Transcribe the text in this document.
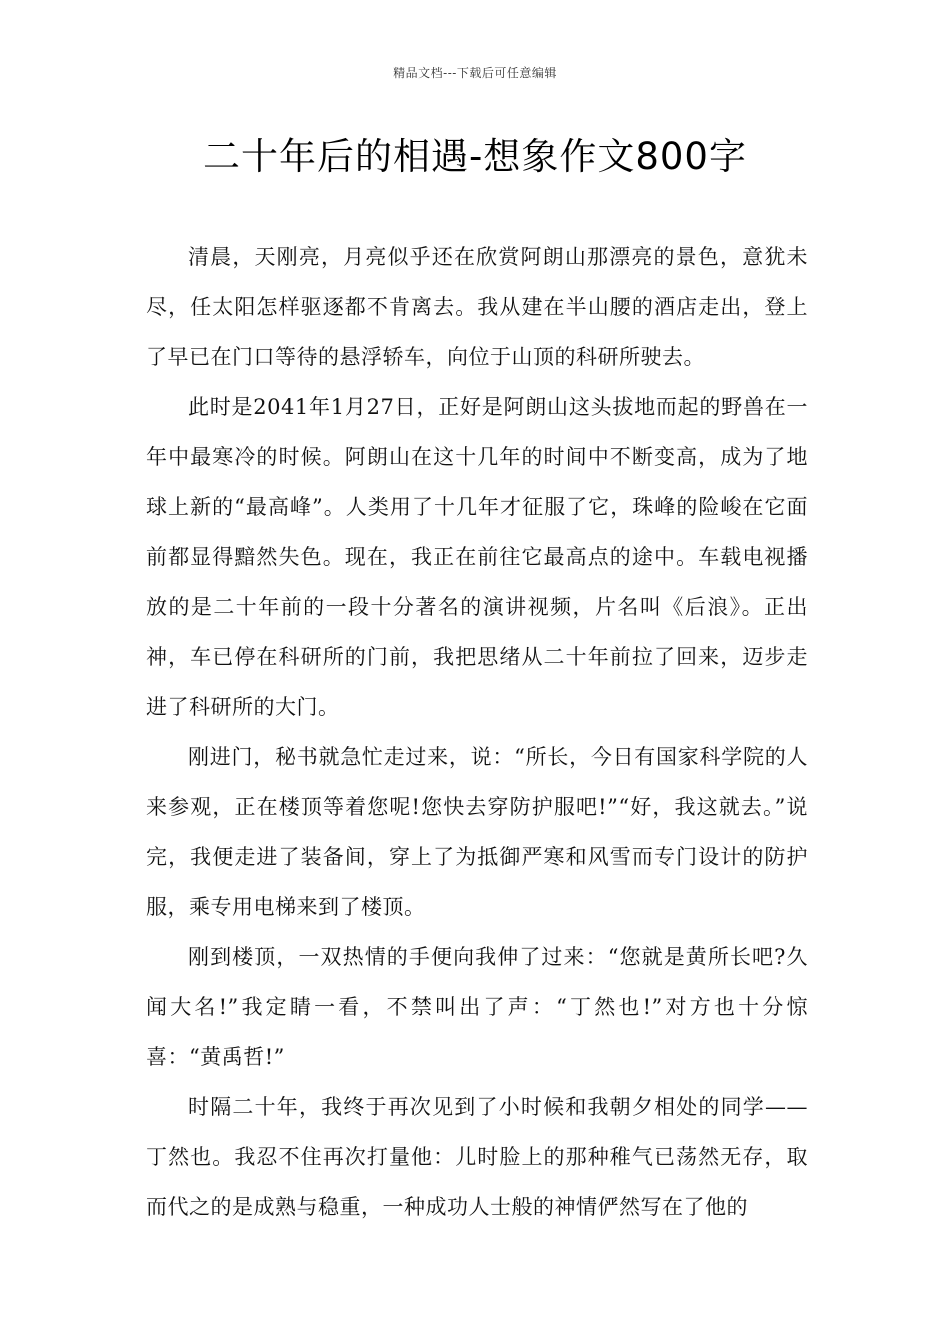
精品文档---下载后可任意编辑
二十年后的相遇-想象作文800字

清晨，天刚亮，月亮似乎还在欣赏阿朗山那漂亮的景色，意犹未尽，任太阳怎样驱逐都不肯离去。我从建在半山腰的酒店走出，登上了早已在门口等待的悬浮轿车，向位于山顶的科研所驶去。

此时是2041年1月27日，正好是阿朗山这头拔地而起的野兽在一年中最寒冷的时候。阿朗山在这十几年的时间中不断变高，成为了地球上新的“最高峰”。人类用了十几年才征服了它，珠峰的险峻在它面前都显得黯然失色。现在，我正在前往它最高点的途中。车载电视播放的是二十年前的一段十分著名的演讲视频，片名叫《后浪》。正出神，车已停在科研所的门前，我把思绪从二十年前拉了回来，迈步走进了科研所的大门。

刚进门，秘书就急忙走过来，说：“所长，今日有国家科学院的人来参观，正在楼顶等着您呢!您快去穿防护服吧!”“好，我这就去。”说完，我便走进了装备间，穿上了为抵御严寒和风雪而专门设计的防护服，乘专用电梯来到了楼顶。

刚到楼顶，一双热情的手便向我伸了过来：“您就是黄所长吧?久闻大名!”我定睛一看，不禁叫出了声：“丁然也!”对方也十分惊喜：“黄禹哲!”

时隔二十年，我终于再次见到了小时候和我朝夕相处的同学——丁然也。我忍不住再次打量他：儿时脸上的那种稚气已荡然无存，取而代之的是成熟与稳重，一种成功人士般的神情俨然写在了他的
